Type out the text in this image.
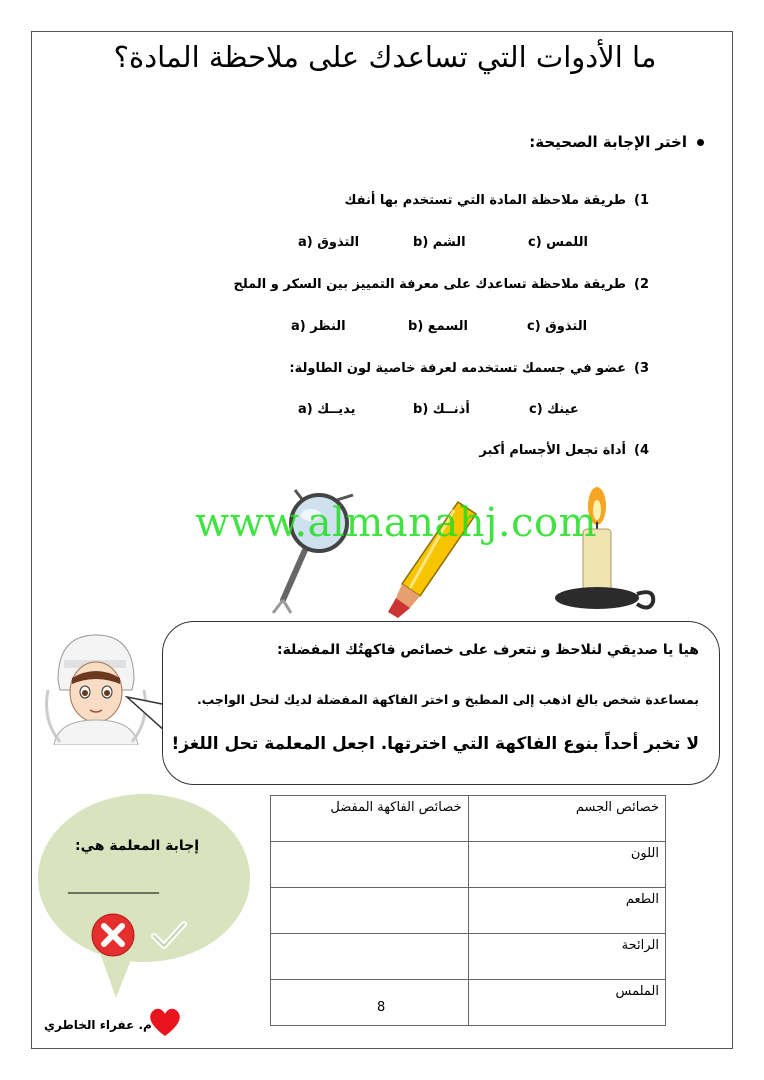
ما الأدوات التي تساعدك على ملاحظة المادة؟
اختر الإجابة الصحيحة:
1)طريقة ملاحظة المادة التي تستخدم بها أنفك
التذوق (a	الشم (b	اللمس (c
2)طريقة ملاحظة تساعدك على معرفة التمييز بين السكر و الملح
النظر (a	السمع (b	التذوق (c
3)عضو في جسمك تستخدمه لعرفة خاصية لون الطاولة:
يديــك (a	أذنــك (b	عينك (c
4)أداة تجعل الأجسام أكبر
www.almanahj.com
هيا يا صديقي لنلاحظ و نتعرف على خصائص فاكهتُك المفضلة:
بمساعدة شخص بالغ اذهب إلى المطبخ و اختر الفاكهة المفضلة لديك لنحل الواجب.
لا تخبر أحداً بنوع الفاكهة التي اخترتها. اجعل المعلمة تحل اللغز!
خصائص الجسم	خصائص الفاكهة المفضل
اللون	
الطعم	
الرائحة	
الملمس	
إجابة المعلمة هي:
_____________
8
م. عفراء الخاطري
